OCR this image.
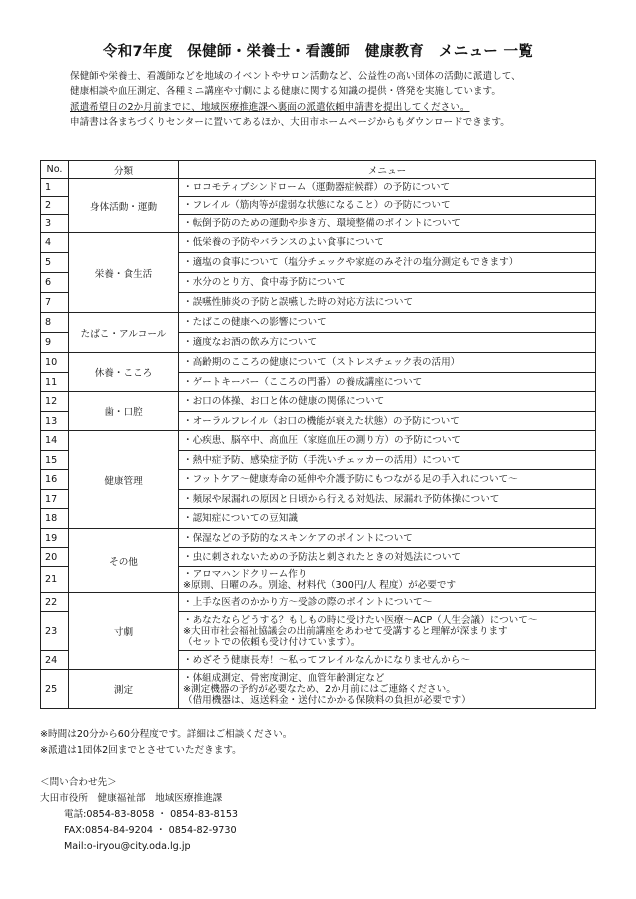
令和7年度　保健師・栄養士・看護師　健康教育　メニュー 一覧
保健師や栄養士、看護師などを地域のイベントやサロン活動など、公益性の高い団体の活動に派遣して、
健康相談や血圧測定、各種ミニ講座や寸劇による健康に関する知識の提供・啓発を実施しています。
派遣希望日の2か月前までに、地域医療推進課へ裏面の派遣依頼申請書を提出してください。
申請書は各まちづくりセンターに置いてあるほか、大田市ホームページからもダウンロードできます。
No.	分類	メニュー
1	身体活動・運動	・ロコモティブシンドローム（運動器症候群）の予防について

2		・フレイル（筋肉等が虚弱な状態になること）の予防について

3		・転倒予防のための運動や歩き方、環境整備のポイントについて

4	栄養・食生活	・低栄養の予防やバランスのよい食事について

5		・適塩の食事について（塩分チェックや家庭のみそ汁の塩分測定もできます）

6		・水分のとり方、食中毒予防について

7		・誤嚥性肺炎の予防と誤嚥した時の対応方法について

8	たばこ・アルコール	・たばこの健康への影響について

9		・適度なお酒の飲み方について

10	休養・こころ	・高齢期のこころの健康について（ストレスチェック表の活用）

11		・ゲートキーパー（こころの門番）の養成講座について

12	歯・口腔	・お口の体操、お口と体の健康の関係について

13		・オーラルフレイル（お口の機能が衰えた状態）の予防について

14	健康管理	・心疾患、脳卒中、高血圧（家庭血圧の測り方）の予防について

15		・熱中症予防、感染症予防（手洗いチェッカーの活用）について

16		・フットケア～健康寿命の延伸や介護予防にもつながる足の手入れについて～

17		・頻尿や尿漏れの原因と日頃から行える対処法、尿漏れ予防体操について

18		・認知症についての豆知識

19	その他	・保湿などの予防的なスキンケアのポイントについて

20		・虫に刺されないための予防法と刺されたときの対処法について

21		・アロマハンドクリーム作り
※原則、日曜のみ。別途、材料代（300円/人 程度）が必要です

22	寸劇	・上手な医者のかかり方～受診の際のポイントについて～

23		・あなたならどうする？もしもの時に受けたい医療～ACP（人生会議）について～
※大田市社会福祉協議会の出前講座をあわせて受講すると理解が深まります
（セットでの依頼も受け付けています）。

24		・めざそう健康長寿！～私ってフレイルなんかになりませんから～

25	測定	・体組成測定、骨密度測定、血管年齢測定など
※測定機器の予約が必要なため、2か月前にはご連絡ください。
（借用機器は、返送料金・送付にかかる保険料の負担が必要です）
※時間は20分から60分程度です。詳細はご相談ください。
※派遣は1団体2回までとさせていただきます。
＜問い合わせ先＞
大田市役所　健康福祉部　地域医療推進課
電話:0854-83-8058 ・ 0854-83-8153
FAX:0854-84-9204 ・ 0854-82-9730
Mail:o-iryou@city.oda.lg.jp
